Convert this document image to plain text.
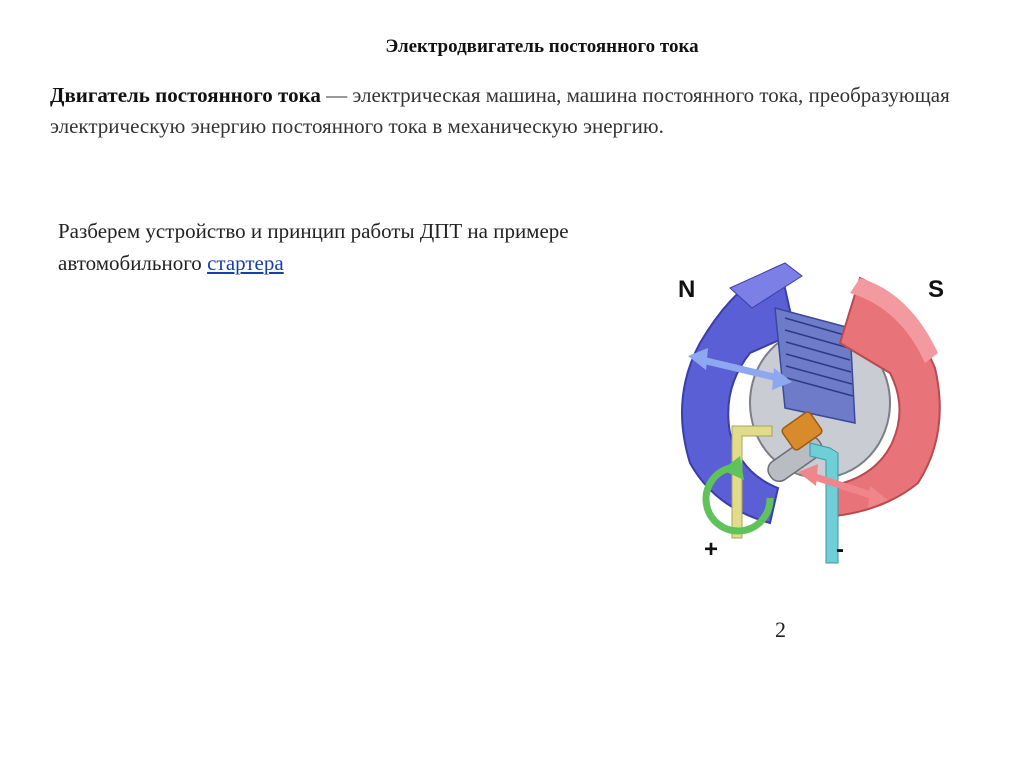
Электродвигатель постоянного тока
Двигатель постоянного тока — электрическая машина, машина постоянного тока, преобразующая электрическую энергию постоянного тока в механическую энергию.
Разберем устройство и принцип работы ДПТ на примере автомобильного стартера
N	S
+	-
2
